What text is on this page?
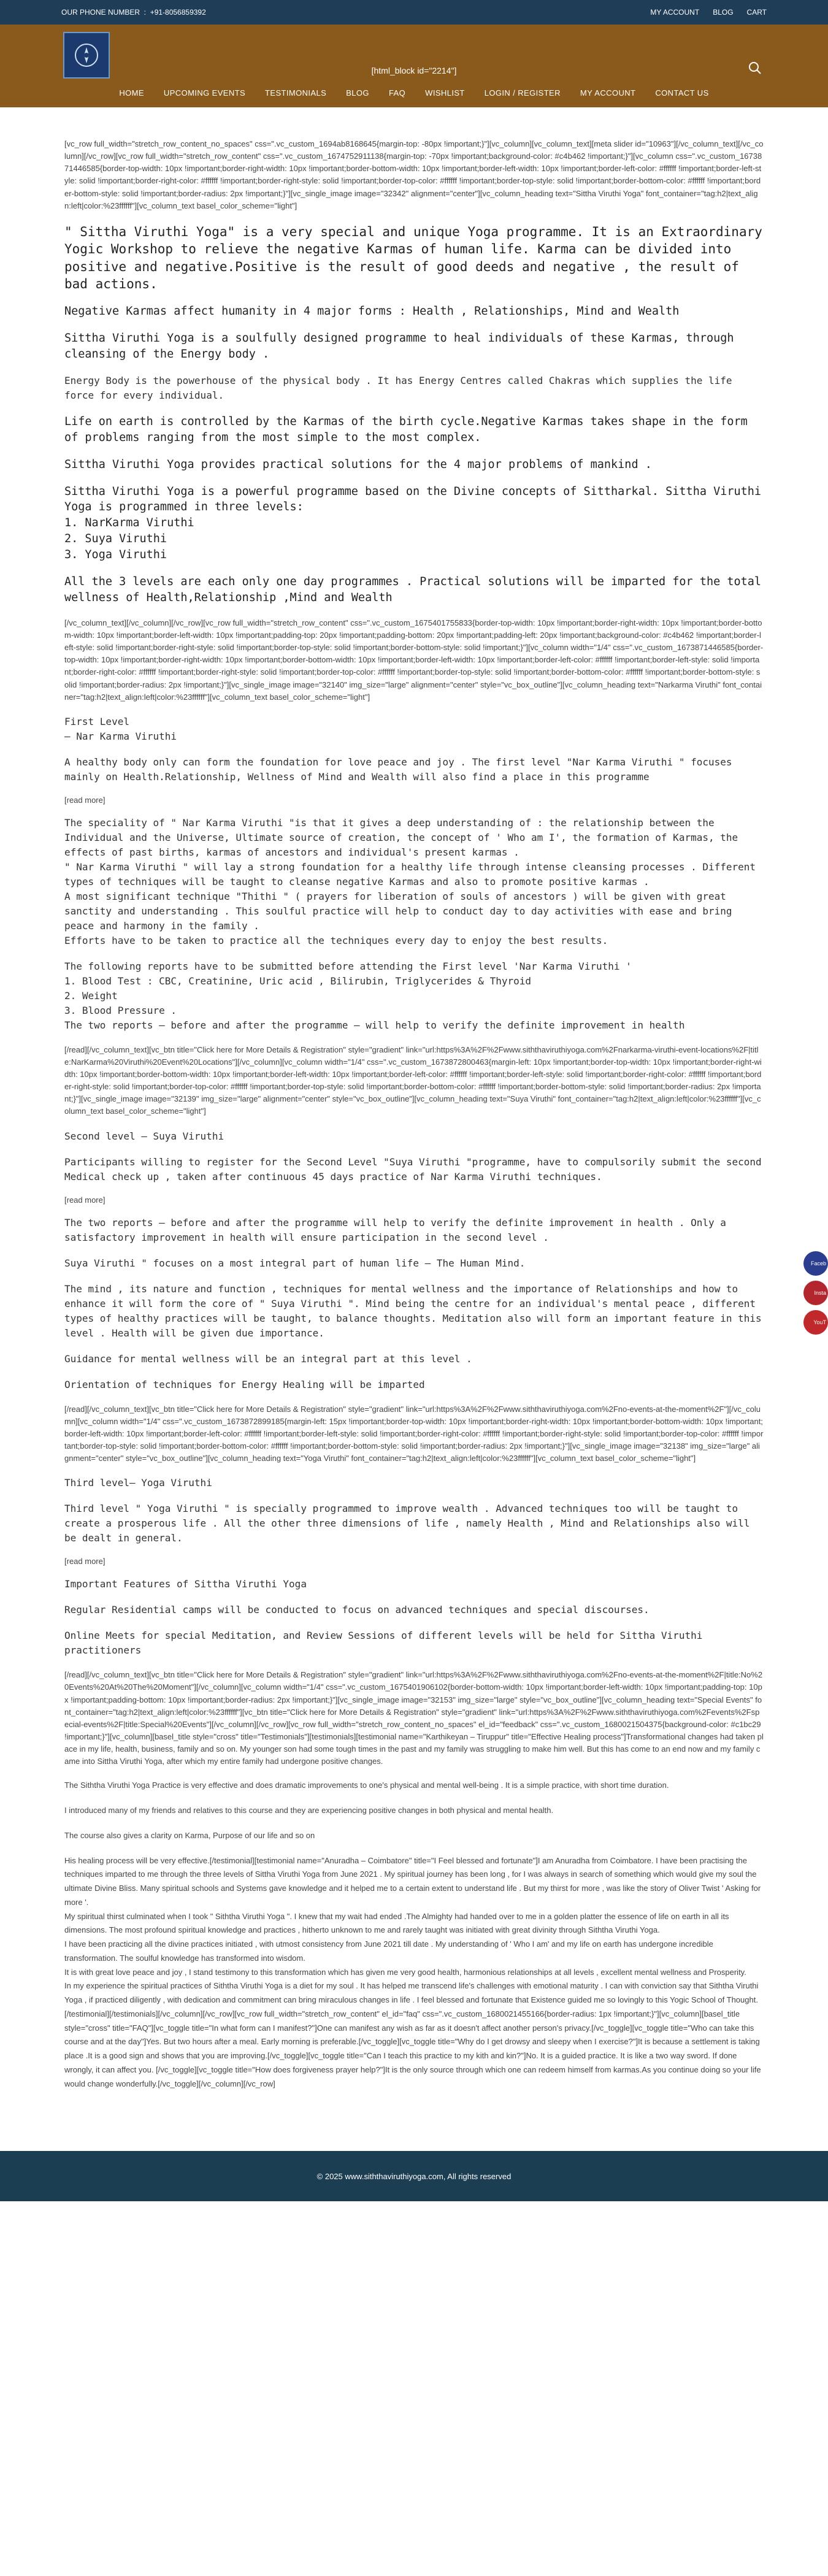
OUR PHONE NUMBER  :  +91-8056859392	MY ACCOUNT BLOG CART
[html_block id="2214"]
HOME UPCOMING EVENTS TESTIMONIALS BLOG FAQ WISHLIST LOGIN / REGISTER MY ACCOUNT CONTACT US

[vc_row full_width="stretch_row_content_no_spaces" css=".vc_custom_1694ab8168645{margin-top: -80px !important;}"][vc_column][vc_column_text][meta slider id="10963"][/vc_column_text][/vc_column][/vc_row][vc_row full_width="stretch_row_content" css=".vc_custom_1674752911138{margin-top: -70px !important;background-color: #c4b462 !important;}"][vc_column css=".vc_custom_1673871446585{border-top-width: 10px !important;border-right-width: 10px !important;border-bottom-width: 10px !important;border-left-width: 10px !important;border-left-color: #ffffff !important;border-left-style: solid !important;border-right-color: #ffffff !important;border-right-style: solid !important;border-top-color: #ffffff !important;border-top-style: solid !important;border-bottom-color: #ffffff !important;border-bottom-style: solid !important;border-radius: 2px !important;}"][vc_single_image image="32342" alignment="center"][vc_column_heading text="Sittha Viruthi Yoga" font_container="tag:h2|text_align:left|color:%23ffffff"][vc_column_text basel_color_scheme="light"]

" Sittha Viruthi Yoga" is a very special and unique Yoga programme. It is an Extraordinary Yogic Workshop to relieve the negative Karmas of human life. Karma can be divided into positive and negative.Positive is the result of good deeds and negative , the result of bad actions.

Negative Karmas affect humanity in 4 major forms : Health , Relationships, Mind and Wealth

Sittha Viruthi Yoga is a soulfully designed programme to heal individuals of these Karmas, through cleansing of the Energy body .

Energy Body is the powerhouse of the physical body . It has Energy Centres called Chakras which supplies the life force for every individual.

Life on earth is controlled by the Karmas of the birth cycle.Negative Karmas takes shape in the form of problems ranging from the most simple to the most complex.

Sittha Viruthi Yoga provides practical solutions for the 4 major problems of mankind .

Sittha Viruthi Yoga is a powerful programme based on the Divine concepts of Sittharkal. Sittha Viruthi Yoga is programmed in three levels:
1. NarKarma Viruthi
2. Suya Viruthi
3. Yoga Viruthi

All the 3 levels are each only one day programmes . Practical solutions will be imparted for the total wellness of Health,Relationship ,Mind and Wealth

[/vc_column_text][/vc_column][/vc_row][vc_row full_width="stretch_row_content" css=".vc_custom_1675401755833{border-top-width: 10px !important;border-right-width: 10px !important;border-bottom-width: 10px !important;border-left-width: 10px !important;padding-top: 20px !important;padding-bottom: 20px !important;padding-left: 20px !important;background-color: #c4b462 !important;border-left-style: solid !important;border-right-style: solid !important;border-top-style: solid !important;border-bottom-style: solid !important;}"][vc_column width="1/4" css=".vc_custom_1673871446585{border-top-width: 10px !important;border-right-width: 10px !important;border-bottom-width: 10px !important;border-left-width: 10px !important;border-left-color: #ffffff !important;border-left-style: solid !important;border-right-color: #ffffff !important;border-right-style: solid !important;border-top-color: #ffffff !important;border-top-style: solid !important;border-bottom-color: #ffffff !important;border-bottom-style: solid !important;border-radius: 2px !important;}"][vc_single_image image="32140" img_size="large" alignment="center" style="vc_box_outline"][vc_column_heading text="Narkarma Viruthi" font_container="tag:h2|text_align:left|color:%23ffffff"][vc_column_text basel_color_scheme="light"]

First Level
– Nar Karma Viruthi

A healthy body only can form the foundation for love peace and joy . The first level "Nar Karma Viruthi " focuses mainly on Health.Relationship, Wellness of Mind and Wealth will also find a place in this programme

[read more]

The speciality of " Nar Karma Viruthi "is that it gives a deep understanding of : the relationship between the Individual and the Universe, Ultimate source of creation, the concept of ' Who am I', the formation of Karmas, the effects of past births, karmas of ancestors and individual's present karmas .
" Nar Karma Viruthi " will lay a strong foundation for a healthy life through intense cleansing processes . Different types of techniques will be taught to cleanse negative Karmas and also to promote positive karmas .
A most significant technique "Thithi " ( prayers for liberation of souls of ancestors ) will be given with great sanctity and understanding . This soulful practice will help to conduct day to day activities with ease and bring peace and harmony in the family .
Efforts have to be taken to practice all the techniques every day to enjoy the best results.

The following reports have to be submitted before attending the First level 'Nar Karma Viruthi '
1. Blood Test : CBC, Creatinine, Uric acid , Bilirubin, Triglycerides & Thyroid
2. Weight
3. Blood Pressure .
The two reports – before and after the programme – will help to verify the definite improvement in health

[/read][/vc_column_text][vc_btn title="Click here for More Details & Registration" style="gradient" link="url:https%3A%2F%2Fwww.siththaviruthiyoga.com%2Fnarkarma-viruthi-event-locations%2F|title:NarKarma%20Viruthi%20Event%20Locations"][/vc_column][vc_column width="1/4" css=".vc_custom_1673872800463{margin-left: 10px !important;border-top-width: 10px !important;border-right-width: 10px !important;border-bottom-width: 10px !important;border-left-width: 10px !important;border-left-color: #ffffff !important;border-left-style: solid !important;border-right-color: #ffffff !important;border-right-style: solid !important;border-top-color: #ffffff !important;border-top-style: solid !important;border-bottom-color: #ffffff !important;border-bottom-style: solid !important;border-radius: 2px !important;}"][vc_single_image image="32139" img_size="large" alignment="center" style="vc_box_outline"][vc_column_heading text="Suya Viruthi" font_container="tag:h2|text_align:left|color:%23ffffff"][vc_column_text basel_color_scheme="light"]

Second level – Suya Viruthi

Participants willing to register for the Second Level "Suya Viruthi "programme, have to compulsorily submit the second Medical check up , taken after continuous 45 days practice of Nar Karma Viruthi techniques.

[read more]

The two reports – before and after the programme will help to verify the definite improvement in health . Only a satisfactory improvement in health will ensure participation in the second level .

Suya Viruthi " focuses on a most integral part of human life – The Human Mind.

The mind , its nature and function , techniques for mental wellness and the importance of Relationships and how to enhance it will form the core of " Suya Viruthi ". Mind being the centre for an individual's mental peace , different types of healthy practices will be taught, to balance thoughts. Meditation also will form an important feature in this level . Health will be given due importance.

Guidance for mental wellness will be an integral part at this level .

Orientation of techniques for Energy Healing will be imparted

[/read][/vc_column_text][vc_btn title="Click here for More Details & Registration" style="gradient" link="url:https%3A%2F%2Fwww.siththaviruthiyoga.com%2Fno-events-at-the-moment%2F"][/vc_column][vc_column width="1/4" css=".vc_custom_1673872899185{margin-left: 15px !important;border-top-width: 10px !important;border-right-width: 10px !important;border-bottom-width: 10px !important;border-left-width: 10px !important;border-left-color: #ffffff !important;border-left-style: solid !important;border-right-color: #ffffff !important;border-right-style: solid !important;border-top-color: #ffffff !important;border-top-style: solid !important;border-bottom-color: #ffffff !important;border-bottom-style: solid !important;border-radius: 2px !important;}"][vc_single_image image="32138" img_size="large" alignment="center" style="vc_box_outline"][vc_column_heading text="Yoga Viruthi" font_container="tag:h2|text_align:left|color:%23ffffff"][vc_column_text basel_color_scheme="light"]

Third level– Yoga Viruthi

Third level " Yoga Viruthi " is specially programmed to improve wealth . Advanced techniques too will be taught to create a prosperous life . All the other three dimensions of life , namely Health , Mind and Relationships also will be dealt in general.

[read more]

Important Features of Sittha Viruthi Yoga

Regular Residential camps will be conducted to focus on advanced techniques and special discourses.

Online Meets for special Meditation, and Review Sessions of different levels will be held for Sittha Viruthi practitioners

[/read][/vc_column_text][vc_btn title="Click here for More Details & Registration" style="gradient" link="url:https%3A%2F%2Fwww.siththaviruthiyoga.com%2Fno-events-at-the-moment%2F|title:No%20Events%20At%20The%20Moment"][/vc_column][vc_column width="1/4" css=".vc_custom_1675401906102{border-bottom-width: 10px !important;border-left-width: 10px !important;padding-top: 10px !important;padding-bottom: 10px !important;border-radius: 2px !important;}"][vc_single_image image="32153" img_size="large" style="vc_box_outline"][vc_column_heading text="Special Events" font_container="tag:h2|text_align:left|color:%23ffffff"][vc_btn title="Click here for More Details & Registration" style="gradient" link="url:https%3A%2F%2Fwww.siththaviruthiyoga.com%2Fevents%2Fspecial-events%2F|title:Special%20Events"][/vc_column][/vc_row][vc_row full_width="stretch_row_content_no_spaces" el_id="feedback" css=".vc_custom_1680021504375{background-color: #c1bc29 !important;}"][vc_column][basel_title style="cross" title="Testimonials"][testimonials][testimonial name="Karthikeyan – Tiruppur" title="Effective Healing process"]Transformational changes had taken place in my life, health, business, family and so on. My younger son had some tough times in the past and my family was struggling to make him well. But this has come to an end now and my family came into Sittha Viruthi Yoga, after which my entire family had undergone positive changes.

The Siththa Viruthi Yoga Practice is very effective and does dramatic improvements to one's physical and mental well-being . It is a simple practice, with short time duration.

I introduced many of my friends and relatives to this course and they are experiencing positive changes in both physical and mental health.

The course also gives a clarity on Karma, Purpose of our life and so on

His healing process will be very effective.[/testimonial][testimonial name="Anuradha – Coimbatore" title="I Feel blessed and fortunate"]I am Anuradha from Coimbatore. I have been practising the techniques imparted to me through the three levels of Sittha Viruthi Yoga from June 2021 . My spiritual journey has been long , for I was always in search of something which would give my soul the ultimate Divine Bliss. Many spiritual schools and Systems gave knowledge and it helped me to a certain extent to understand life . But my thirst for more , was like the story of Oliver Twist ' Asking for more '.
My spiritual thirst culminated when I took " Siththa Viruthi Yoga ". I knew that my wait had ended .The Almighty had handed over to me in a golden platter the essence of life on earth in all its dimensions. The most profound spiritual knowledge and practices , hitherto unknown to me and rarely taught was initiated with great divinity through Siththa Viruthi Yoga.
I have been practicing all the divine practices initiated , with utmost consistency from June 2021 till date . My understanding of ' Who I am' and my life on earth has undergone incredible transformation. The soulful knowledge has transformed into wisdom.
It is with great love peace and joy , I stand testimony to this transformation which has given me very good health, harmonious relationships at all levels , excellent mental wellness and Prosperity.
In my experience the spiritual practices of Siththa Viruthi Yoga is a diet for my soul . It has helped me transcend life's challenges with emotional maturity . I can with conviction say that Siththa Viruthi Yoga , if practiced diligently , with dedication and commitment can bring miraculous changes in life . I feel blessed and fortunate that Existence guided me so lovingly to this Yogic School of Thought.[/testimonial][/testimonials][/vc_column][/vc_row][vc_row full_width="stretch_row_content" el_id="faq" css=".vc_custom_1680021455166{border-radius: 1px !important;}"][vc_column][basel_title style="cross" title="FAQ"][vc_toggle title="In what form can I manifest?"]One can manifest any wish as far as it doesn't affect another person's privacy.[/vc_toggle][vc_toggle title="Who can take this course and at the day"]Yes. But two hours after a meal. Early morning is preferable.[/vc_toggle][vc_toggle title="Why do I get drowsy and sleepy when I exercise?"]It is because a settlement is taking place .It is a good sign and shows that you are improving.[/vc_toggle][vc_toggle title="Can I teach this practice to my kith and kin?"]No. It is a guided practice. It is like a two way sword. If done wrongly, it can affect you. [/vc_toggle][vc_toggle title="How does forgiveness prayer help?"]It is the only source through which one can redeem himself from karmas.As you continue doing so your life would change wonderfully.[/vc_toggle][/vc_column][/vc_row]

Faceb
Insta
YouT
© 2025 www.siththaviruthiyoga.com, All rights reserved
